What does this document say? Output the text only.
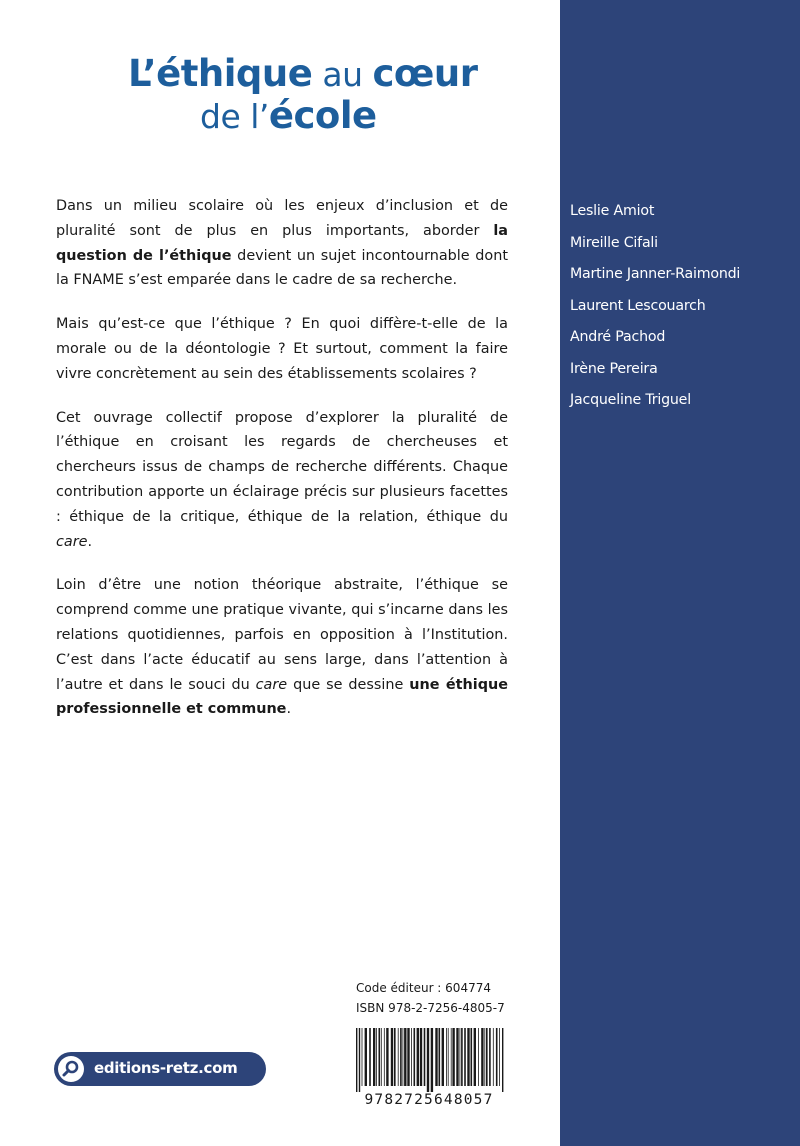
L’éthique au cœur
de l’école

Dans un milieu scolaire où les enjeux d’inclusion et de pluralité sont de plus en plus importants, aborder la question de l’éthique devient un sujet incontournable dont la FNAME s’est emparée dans le cadre de sa recherche.

Mais qu’est-ce que l’éthique ? En quoi diffère-t-elle de la morale ou de la déontologie ? Et surtout, comment la faire vivre concrètement au sein des établissements scolaires ?

Cet ouvrage collectif propose d’explorer la pluralité de l’éthique en croisant les regards de chercheuses et chercheurs issus de champs de recherche différents. Chaque contribution apporte un éclairage précis sur plusieurs facettes : éthique de la critique, éthique de la relation, éthique du care.

Loin d’être une notion théorique abstraite, l’éthique se comprend comme une pratique vivante, qui s’incarne dans les relations quotidiennes, parfois en opposition à l’Institution. C’est dans l’acte éducatif au sens large, dans l’attention à l’autre et dans le souci du care que se dessine une éthique professionnelle et commune.

Code éditeur : 604774
ISBN 978-2-7256-4805-7
9782725648057
editions-retz.com
Leslie Amiot
Mireille Cifali
Martine Janner-Raimondi
Laurent Lescouarch
André Pachod
Irène Pereira
Jacqueline Triguel
